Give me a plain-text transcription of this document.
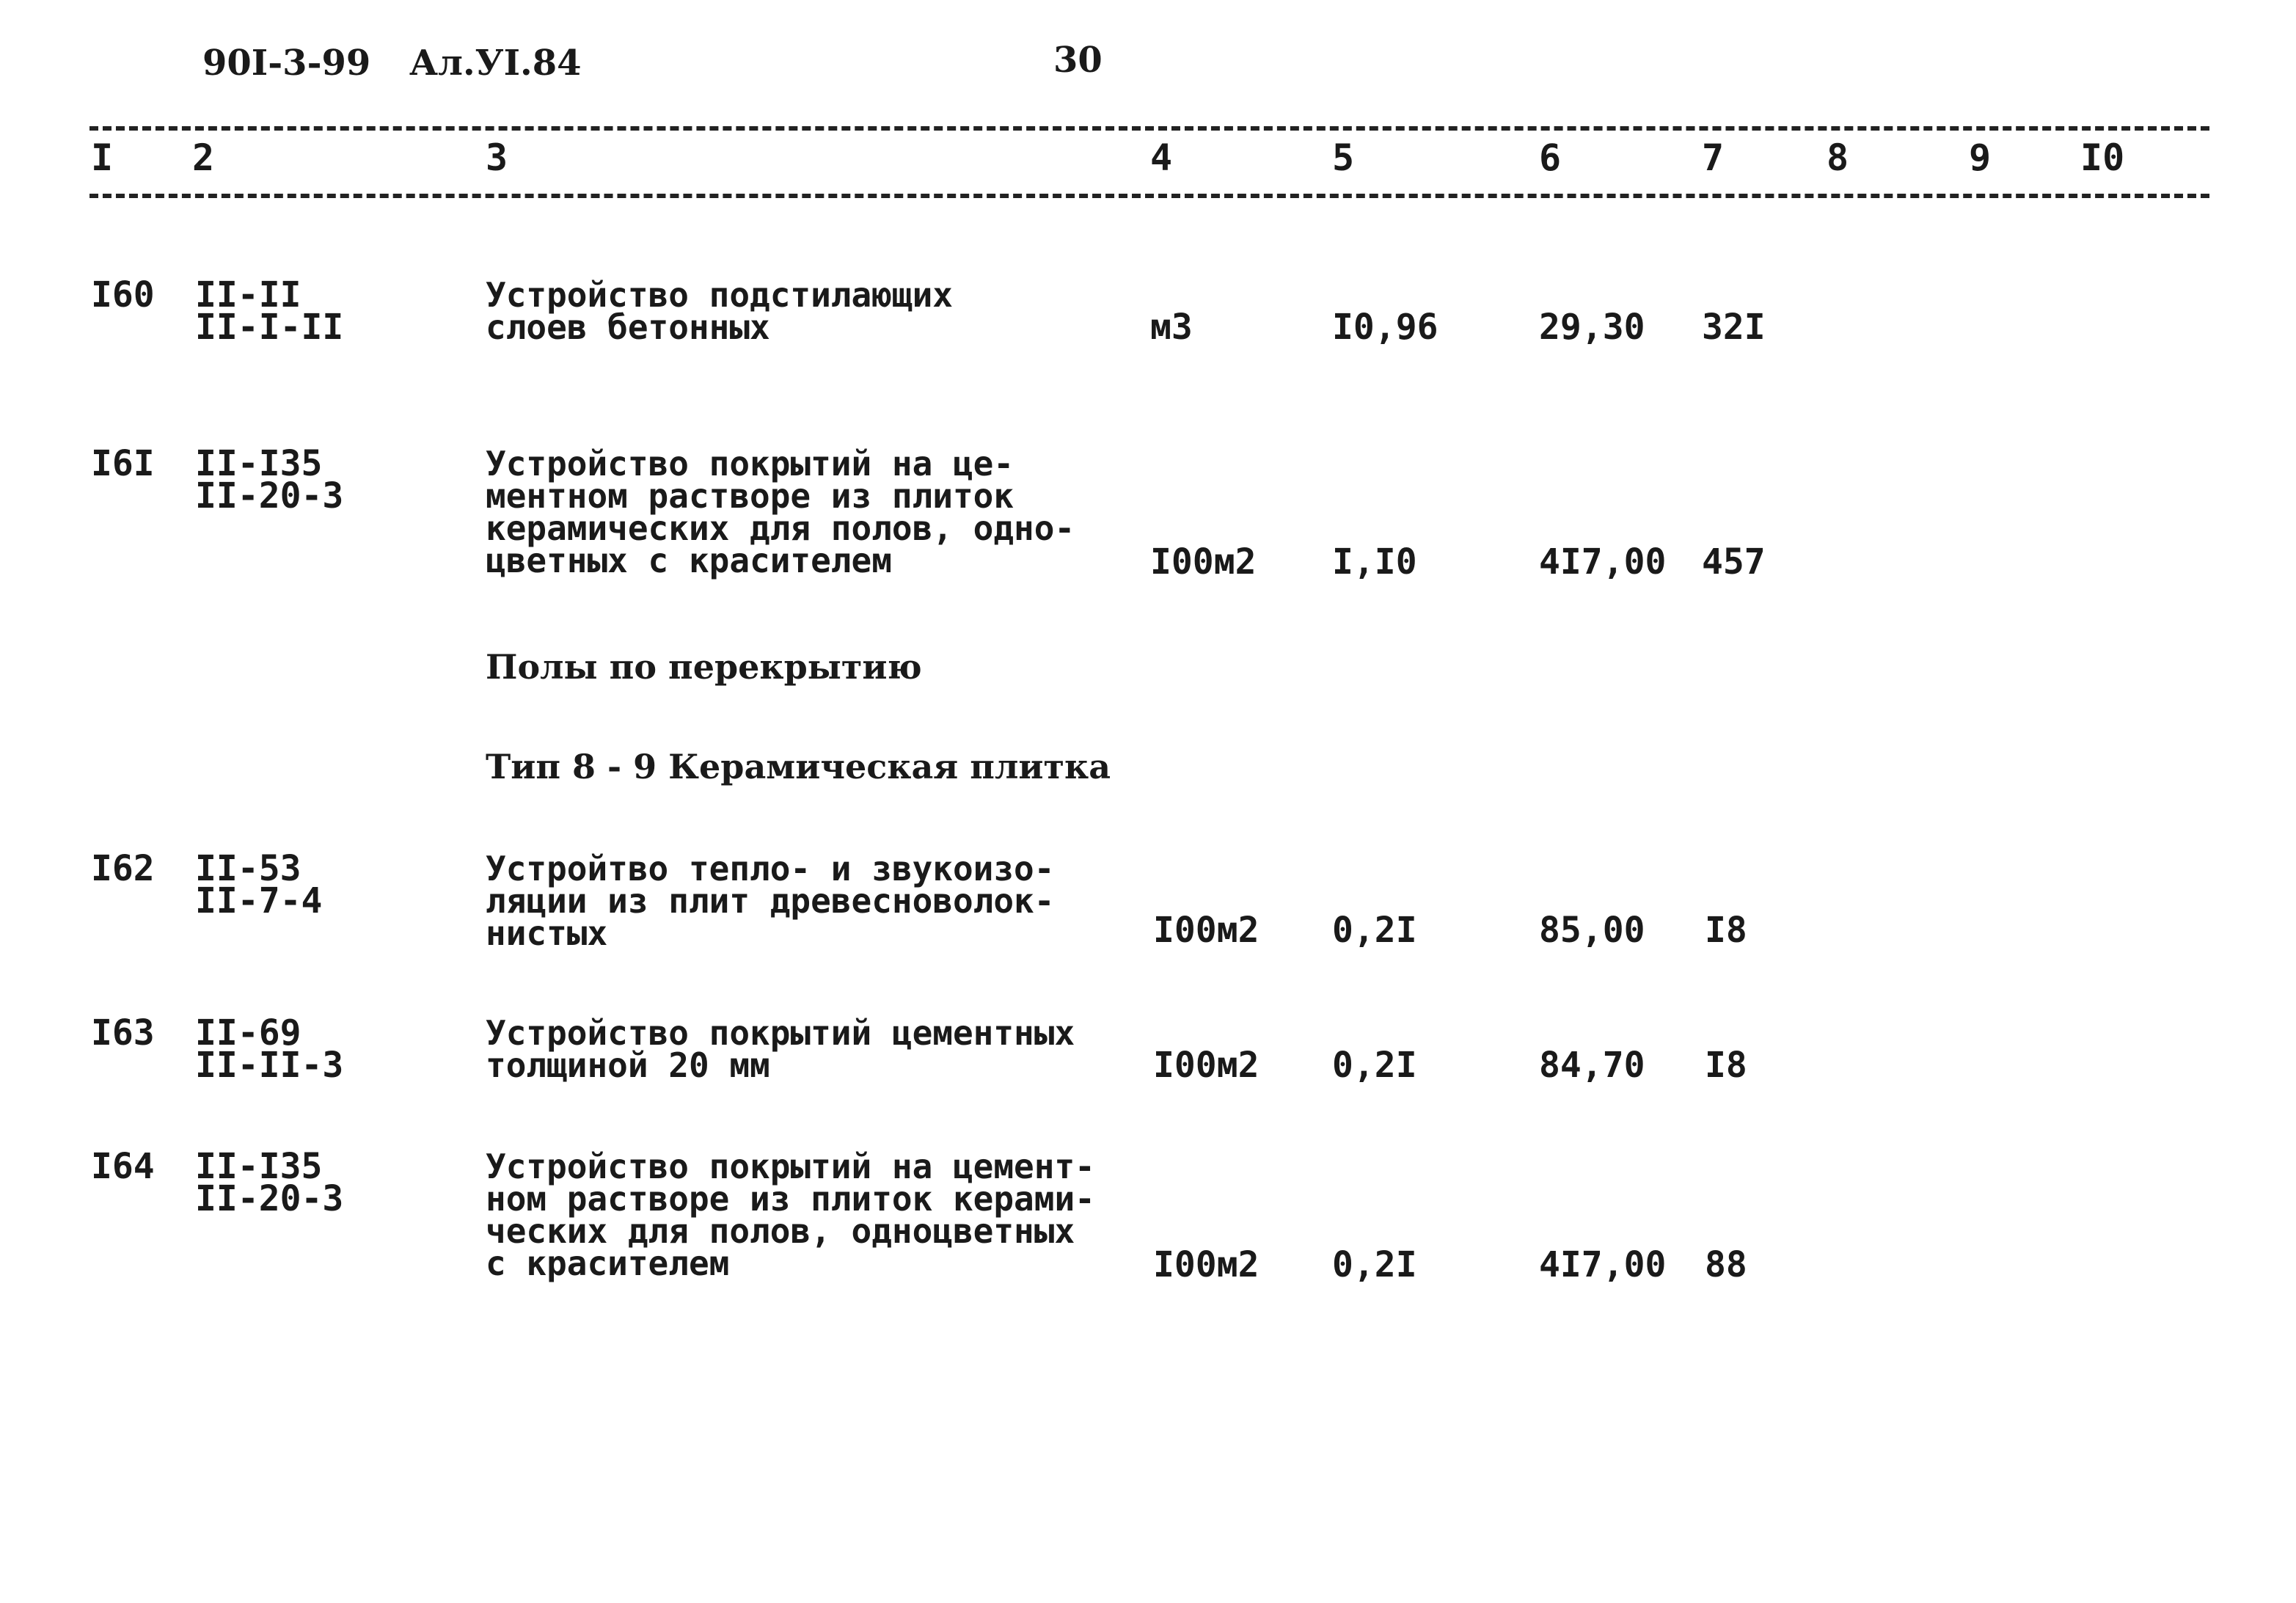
90I-3-99 Ал.УI.84	30
I 2	3	4	5	6	7	8	9 I0
I60 II-II
II-I-II
Устройство подстилающих
слоев бетонных	м3	I0,96	29,30 32I
I6I II-I35
II-20-3
Устройство покрытий на це-
ментном растворе из плиток
керамических для полов, одно-
цветных с красителем	I00м2 I,I0	4I7,00 457
Полы по перекрытию
Тип 8 - 9 Керамическая плитка
I62 II-53
II-7-4
Устройтво тепло- и звукоизо-
ляции из плит древесноволок-
нистых	I00м2 0,2I	85,00 I8
I63 II-69
II-II-3
Устройство покрытий цементных
толщиной 20 мм	I00м2 0,2I	84,70 I8
I64 II-I35
II-20-3
Устройство покрытий на цемент-
ном растворе из плиток керами-
ческих для полов, одноцветных
с красителем	I00м2 0,2I	4I7,00 88
